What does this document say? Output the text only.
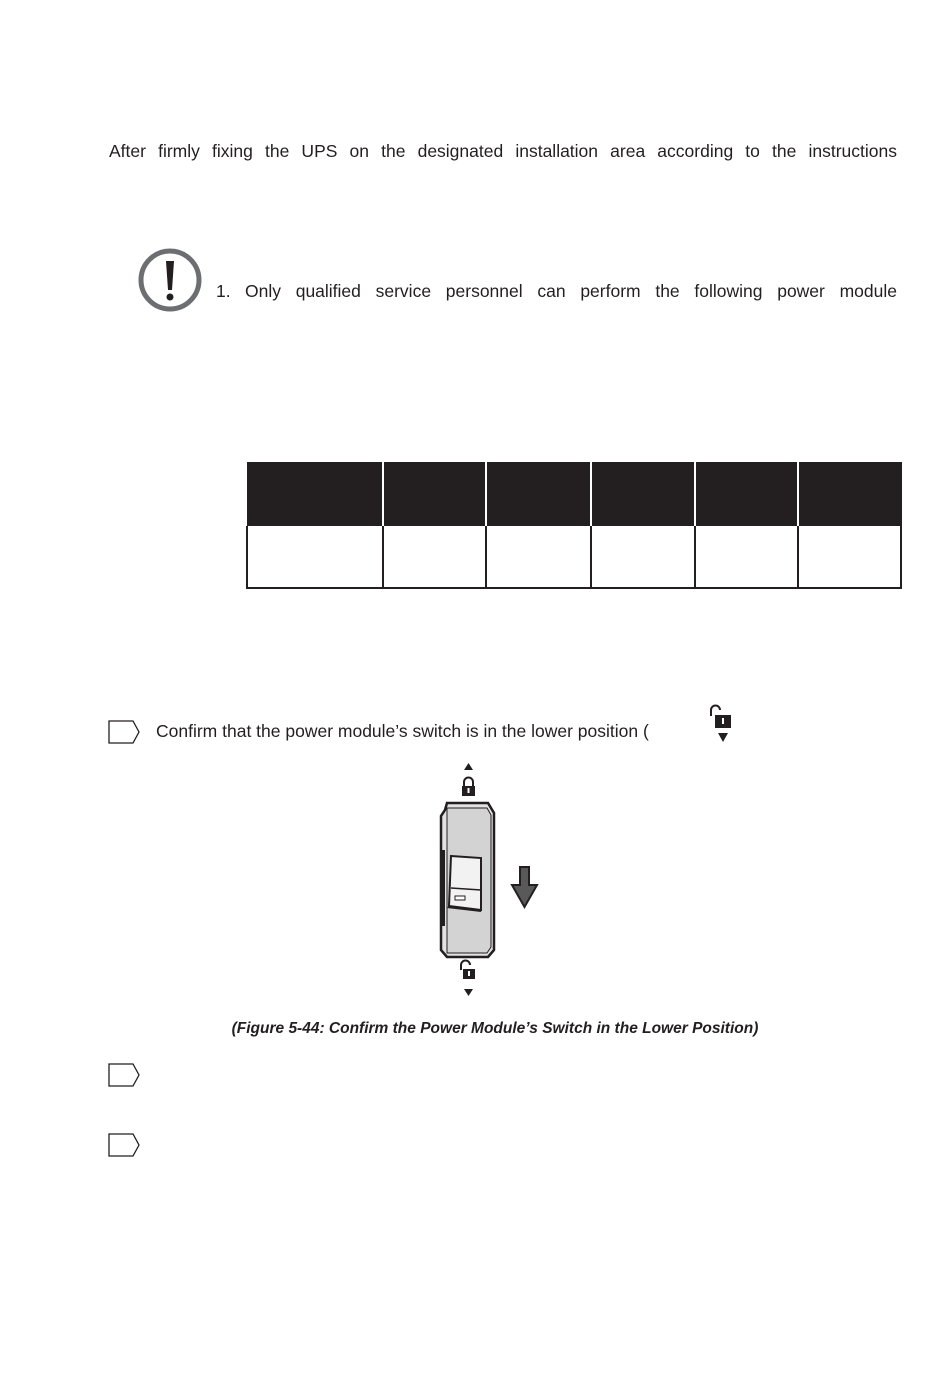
After firmly fixing the UPS on the designated installation area according to the instructions
1. Only qualified service personnel can perform the following power module

Confirm that the power module’s switch is in the lower position (
(Figure 5-44: Confirm the Power Module’s Switch in the Lower Position)
